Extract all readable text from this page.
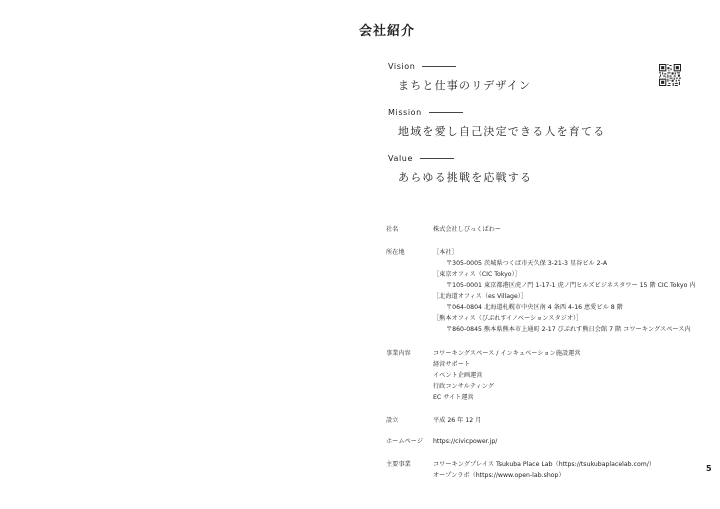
会社紹介
Vision
まちと仕事のリデザイン
Mission
地域を愛し自己決定できる人を育てる
Value
あらゆる挑戦を応戦する
社名	株式会社しびっくぱわー
所在地	［本社］
〒305-0005 茨城県つくば市天久保 3-21-3 星谷ビル 2-A
［東京オフィス（CIC Tokyo）］
〒105-0001 東京都港区虎ノ門 1-17-1 虎ノ門ヒルズビジネスタワー 15 階 CIC Tokyo 内
［北海道オフィス（es Village）］
〒064-0804 北海道札幌市中央区南 4 条西 4-16 恵愛ビル 8 階
［熊本オフィス（びぷれすイノベーションスタジオ）］
〒860-0845 熊本県熊本市上通町 2-17 びぷれす熊日会館 7 階 コワーキングスペース内
事業内容	コワーキングスペース / インキュベーション施設運営
経営サポート
イベント企画運営
行政コンサルティング
EC サイト運営
設立	平成 26 年 12 月
ホームページ	https://civicpower.jp/
主要事業	コワーキングプレイス Tsukuba Place Lab（https://tsukubaplacelab.com/）
オープンラボ（https://www.open-lab.shop）
5
